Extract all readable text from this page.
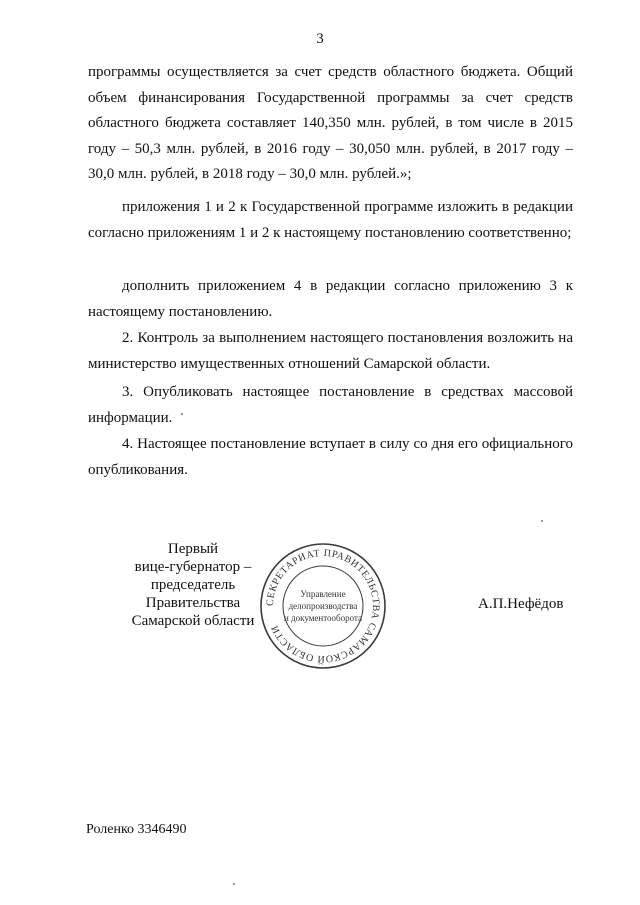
3

программы осуществляется за счет средств областного бюджета. Общий объем финансирования Государственной программы за счет средств областного бюджета составляет 140,350 млн. рублей, в том числе в 2015 году – 50,3 млн. рублей, в 2016 году – 30,050 млн. рублей, в 2017 году – 30,0 млн. рублей, в 2018 году – 30,0 млн. рублей.»;

приложения 1 и 2 к Государственной программе изложить в редакции согласно приложениям 1 и 2 к настоящему постановлению соответственно;

дополнить приложением 4 в редакции согласно приложению 3 к настоящему постановлению.

2. Контроль за выполнением настоящего постановления возложить на министерство имущественных отношений Самарской области.

3. Опубликовать настоящее постановление в средствах массовой информации.

4. Настоящее постановление вступает в силу со дня его официального опубликования.

СЕКРЕТАРИАТ ПРАВИТЕЛЬСТВА САМАРСКОЙ ОБЛАСТИ
Управление
делопроизводства
и документооборота
Первый
вице-губернатор –
председатель Правительства
Самарской области
А.П.Нефёдов
Роленко 3346490
